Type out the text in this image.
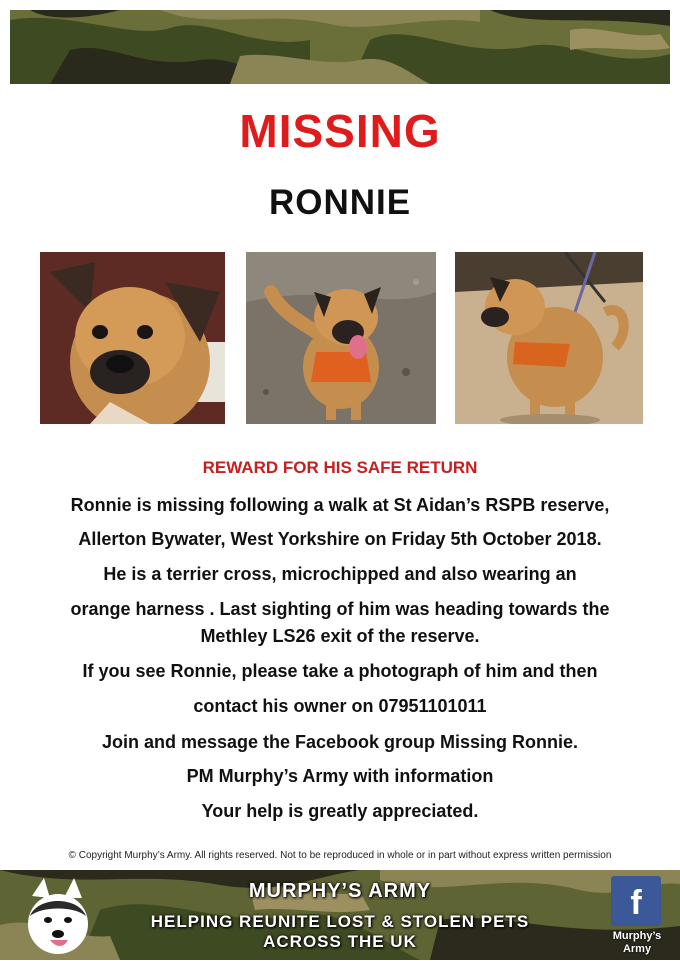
MISSING
RONNIE
REWARD FOR HIS SAFE RETURN
Ronnie is missing following a walk at St Aidan’s RSPB reserve,
Allerton Bywater, West Yorkshire on Friday 5th October 2018.
He is a terrier cross, microchipped and also wearing an
orange harness . Last sighting of him was heading towards the
Methley LS26 exit of the reserve.
If you see Ronnie, please take a photograph of him and then
contact his owner on 07951101011
Join and message the Facebook group Missing Ronnie.
PM Murphy’s Army with information
Your help is greatly appreciated.
© Copyright Murphy’s Army. All rights reserved. Not to be reproduced in whole or in part without express written permission
MURPHY’S ARMY
HELPING REUNITE LOST & STOLEN PETS
ACROSS THE UK
f
Murphy’s
Army
